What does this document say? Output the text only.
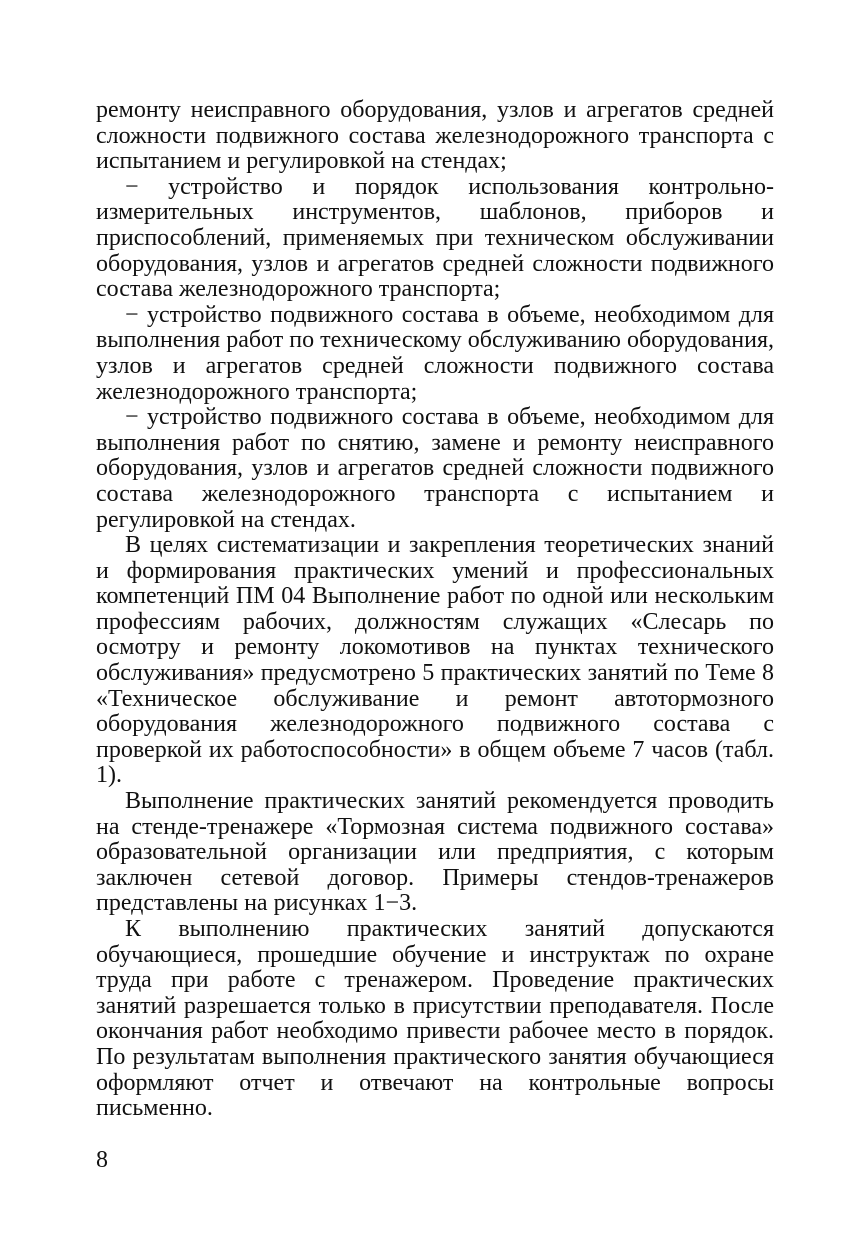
ремонту неисправного оборудования, узлов и агрегатов средней сложности подвижного состава железнодорожного транспорта с испытанием и регулировкой на стендах;

− устройство и порядок использования контрольно-измерительных инструментов, шаблонов, приборов и приспособлений, применяемых при техническом обслуживании оборудования, узлов и агрегатов средней сложности подвижного состава железнодорожного транспорта;

− устройство подвижного состава в объеме, необходимом для выполнения работ по техническому обслуживанию оборудования, узлов и агрегатов средней сложности подвижного состава железнодорожного транспорта;

− устройство подвижного состава в объеме, необходимом для выполнения работ по снятию, замене и ремонту неисправного оборудования, узлов и агрегатов средней сложности подвижного состава железнодорожного транспорта с испытанием и регулировкой на стендах.

В целях систематизации и закрепления теоретических знаний и формирования практических умений и профессиональных компетенций ПМ 04 Выполнение работ по одной или нескольким профессиям рабочих, должностям служащих «Слесарь по осмотру и ремонту локомотивов на пунктах технического обслуживания» предусмотрено 5 практических занятий по Теме 8 «Техническое обслуживание и ремонт автотормозного оборудования железнодорожного подвижного состава с проверкой их работоспособности» в общем объеме 7 часов (табл. 1).

Выполнение практических занятий рекомендуется проводить на стенде-тренажере «Тормозная система подвижного состава» образовательной организации или предприятия, с которым заключен сетевой договор. Примеры стендов-тренажеров представлены на рисунках 1−3.

К выполнению практических занятий допускаются обучающиеся, прошедшие обучение и инструктаж по охране труда при работе с тренажером. Проведение практических занятий разрешается только в присутствии преподавателя. После окончания работ необходимо привести рабочее место в порядок. По результатам выполнения практического занятия обучающиеся оформляют отчет и отвечают на контрольные вопросы письменно.

8
